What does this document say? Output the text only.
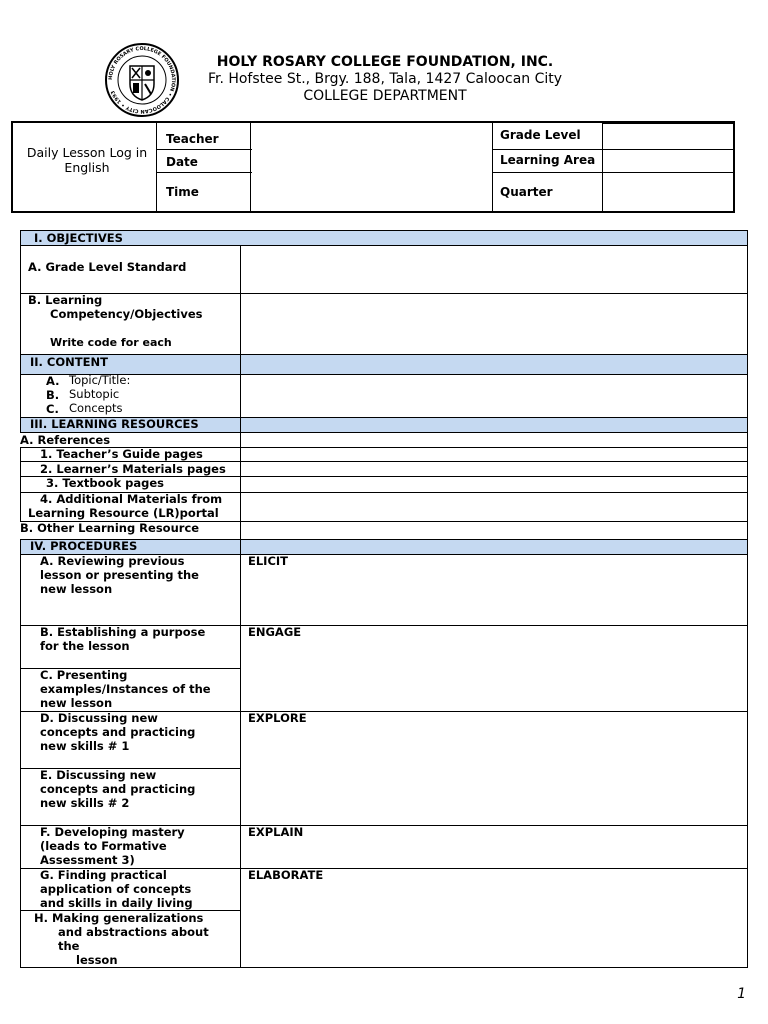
HOLY ROSARY COLLEGE FOUNDATION • CALOOCAN CITY • 1993
HOLY ROSARY COLLEGE FOUNDATION, INC.
Fr. Hofstee St., Brgy. 188, Tala, 1427 Caloocan City
COLLEGE DEPARTMENT
Daily Lesson Log in English
Teacher
Date
Time
Grade Level
Learning Area
Quarter
I. OBJECTIVES
A. Grade Level Standard
B. Learning
Competency/Objectives
Write code for each
II. CONTENT
A. Topic/Title:
B. Subtopic
C. Concepts
III. LEARNING RESOURCES
A. References
1. Teacher’s Guide pages
2. Learner’s Materials pages
3. Textbook pages
4. Additional Materials from
Learning Resource (LR)portal
B. Other Learning Resource
IV. PROCEDURES
A. Reviewing previous
lesson or presenting the
new lesson
ELICIT
B. Establishing a purpose
for the lesson
C. Presenting
examples/Instances of the
new lesson
ENGAGE
D. Discussing new
concepts and practicing
new skills # 1
E. Discussing new
concepts and practicing
new skills # 2
EXPLORE
F. Developing mastery
(leads to Formative
Assessment 3)
EXPLAIN
G. Finding practical
application of concepts
and skills in daily living
H. Making generalizations
and abstractions about
the
lesson
ELABORATE
1
